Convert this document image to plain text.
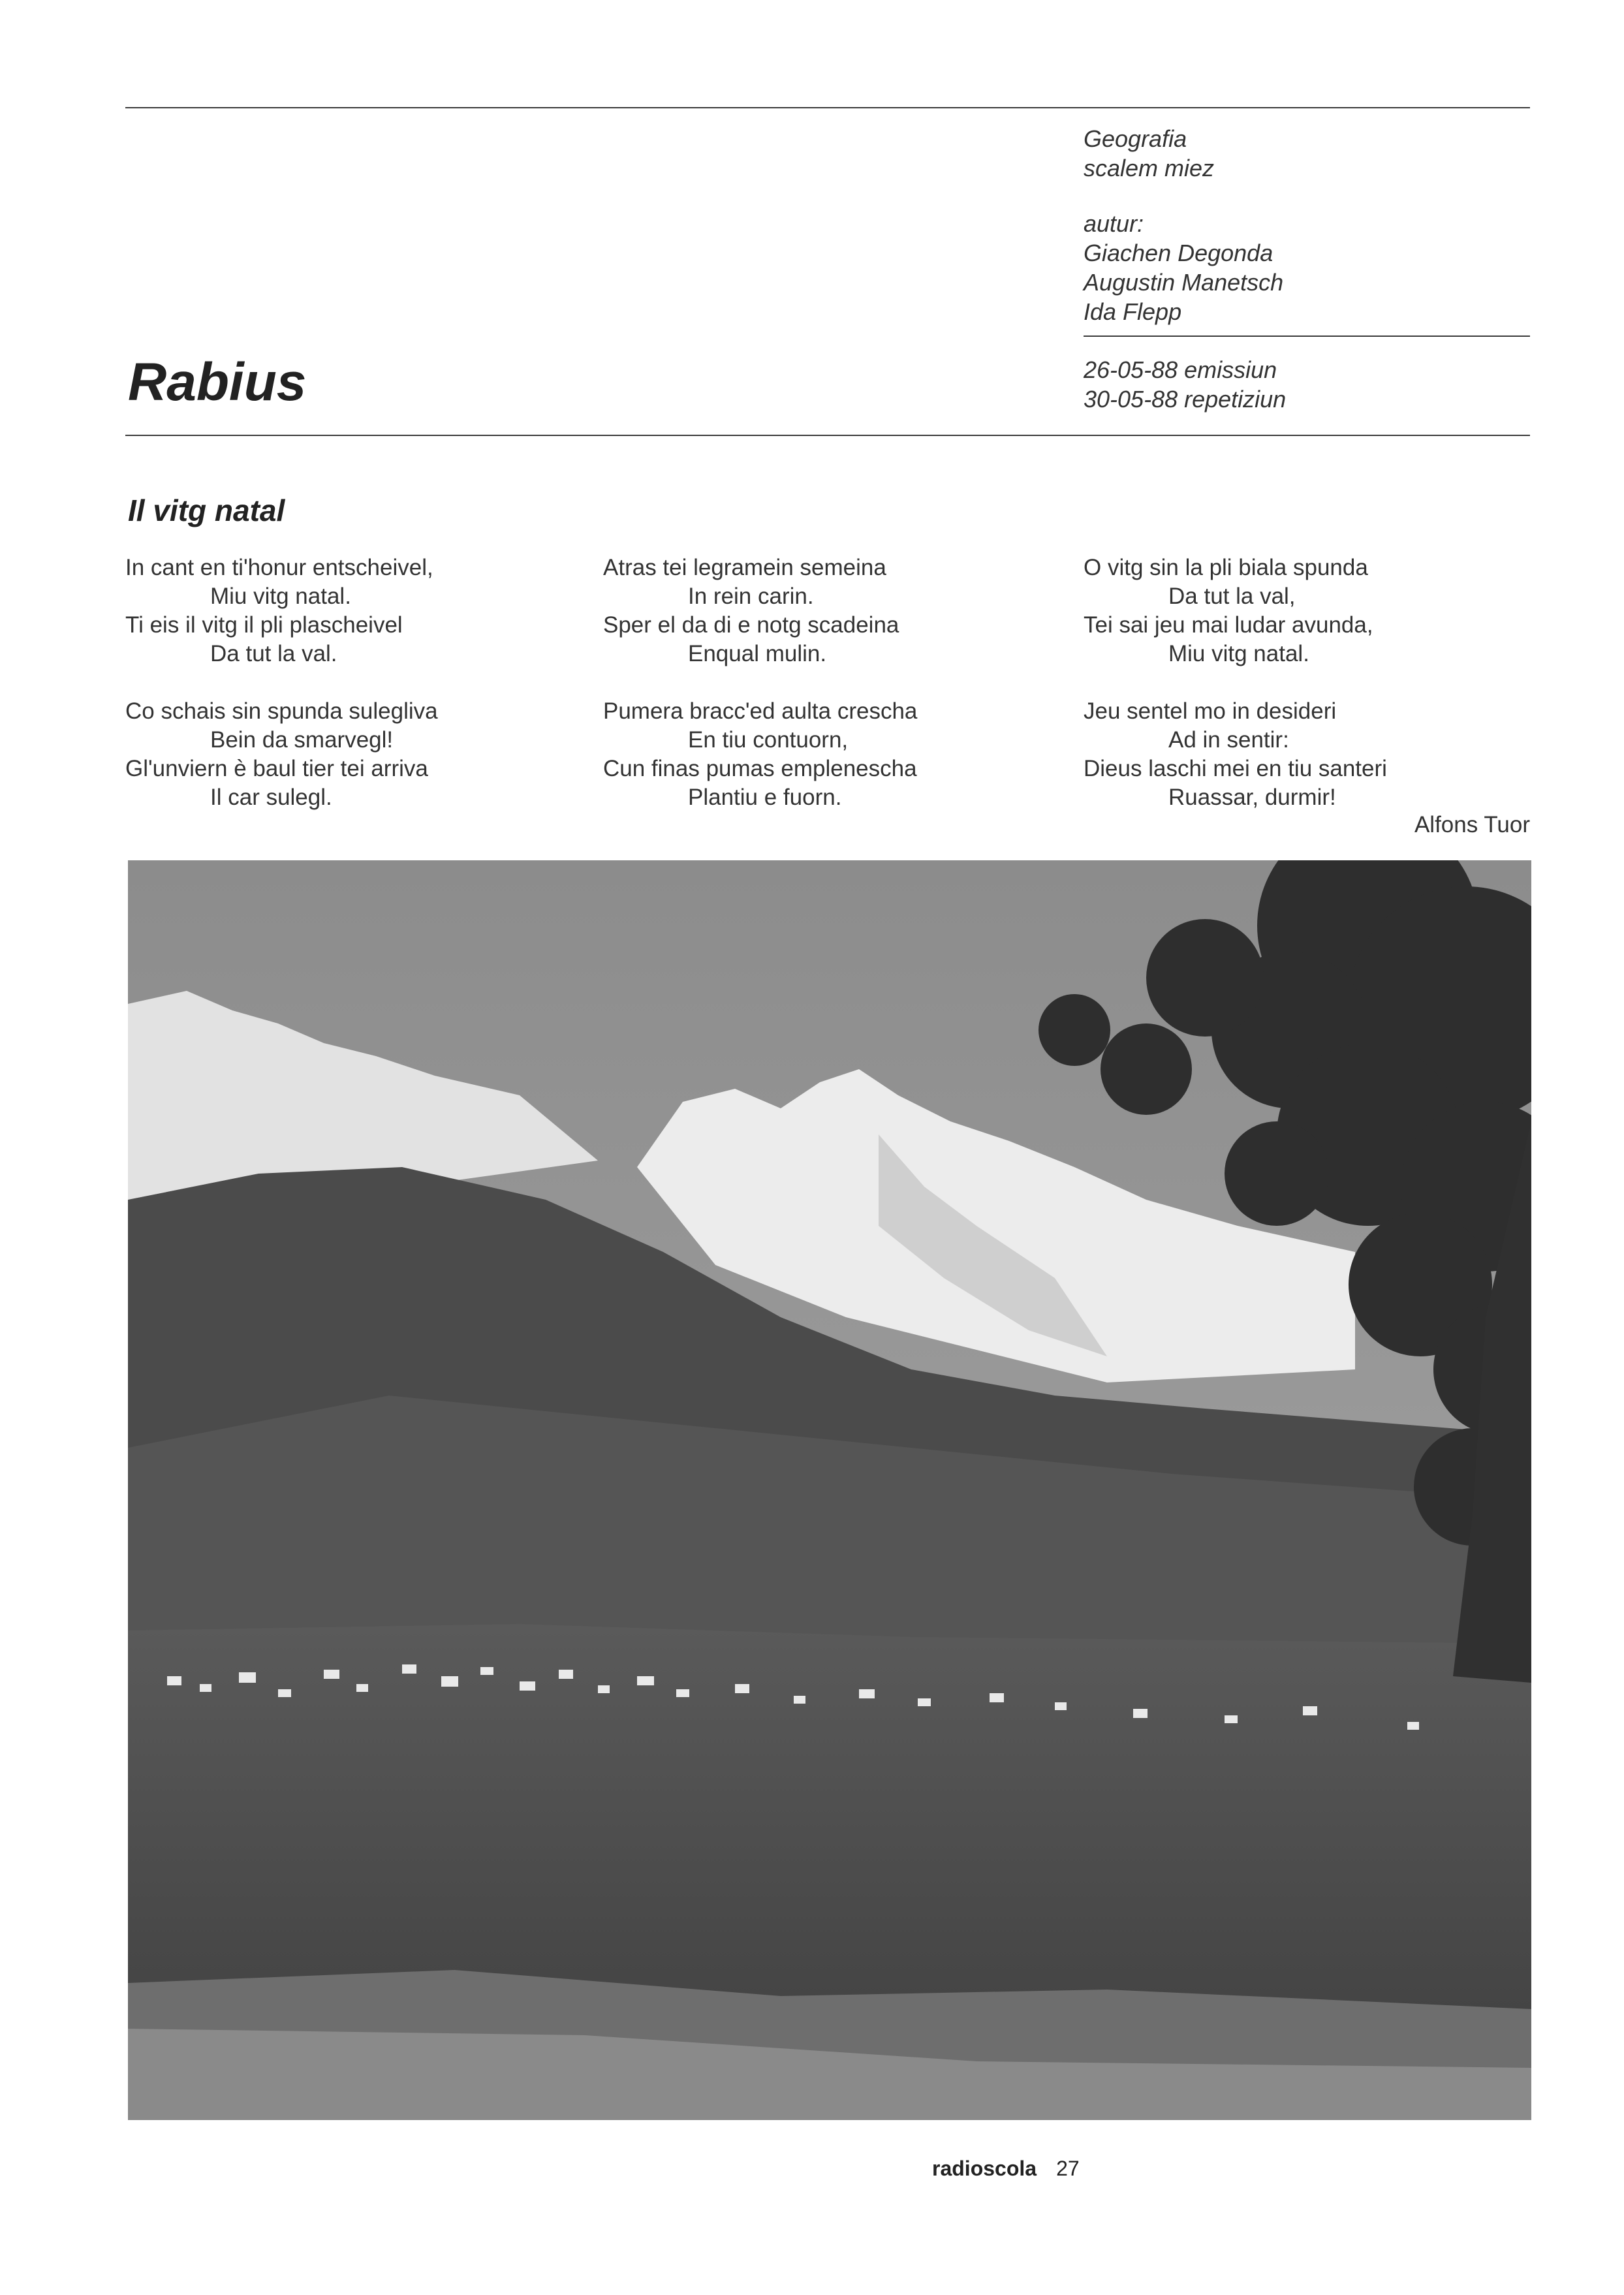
Geografia
scalem miez
autur:
Giachen Degonda
Augustin Manetsch
Ida Flepp
26-05-88 emissiun
30-05-88 repetiziun
Rabius
Il vitg natal
In cant en ti'honur entscheivel,
Miu vitg natal.
Ti eis il vitg il pli plascheivel
Da tut la val.
Co schais sin spunda sulegliva
Bein da smarvegl!
Gl'unviern è baul tier tei arriva
Il car sulegl.
Atras tei legramein semeina
In rein carin.
Sper el da di e notg scadeina
Enqual mulin.
Pumera bracc'ed aulta crescha
En tiu contuorn,
Cun finas pumas emplenescha
Plantiu e fuorn.
O vitg sin la pli biala spunda
Da tut la val,
Tei sai jeu mai ludar avunda,
Miu vitg natal.
Jeu sentel mo in desideri
Ad in sentir:
Dieus laschi mei en tiu santeri
Ruassar, durmir!
Alfons Tuor
radioscola 27
